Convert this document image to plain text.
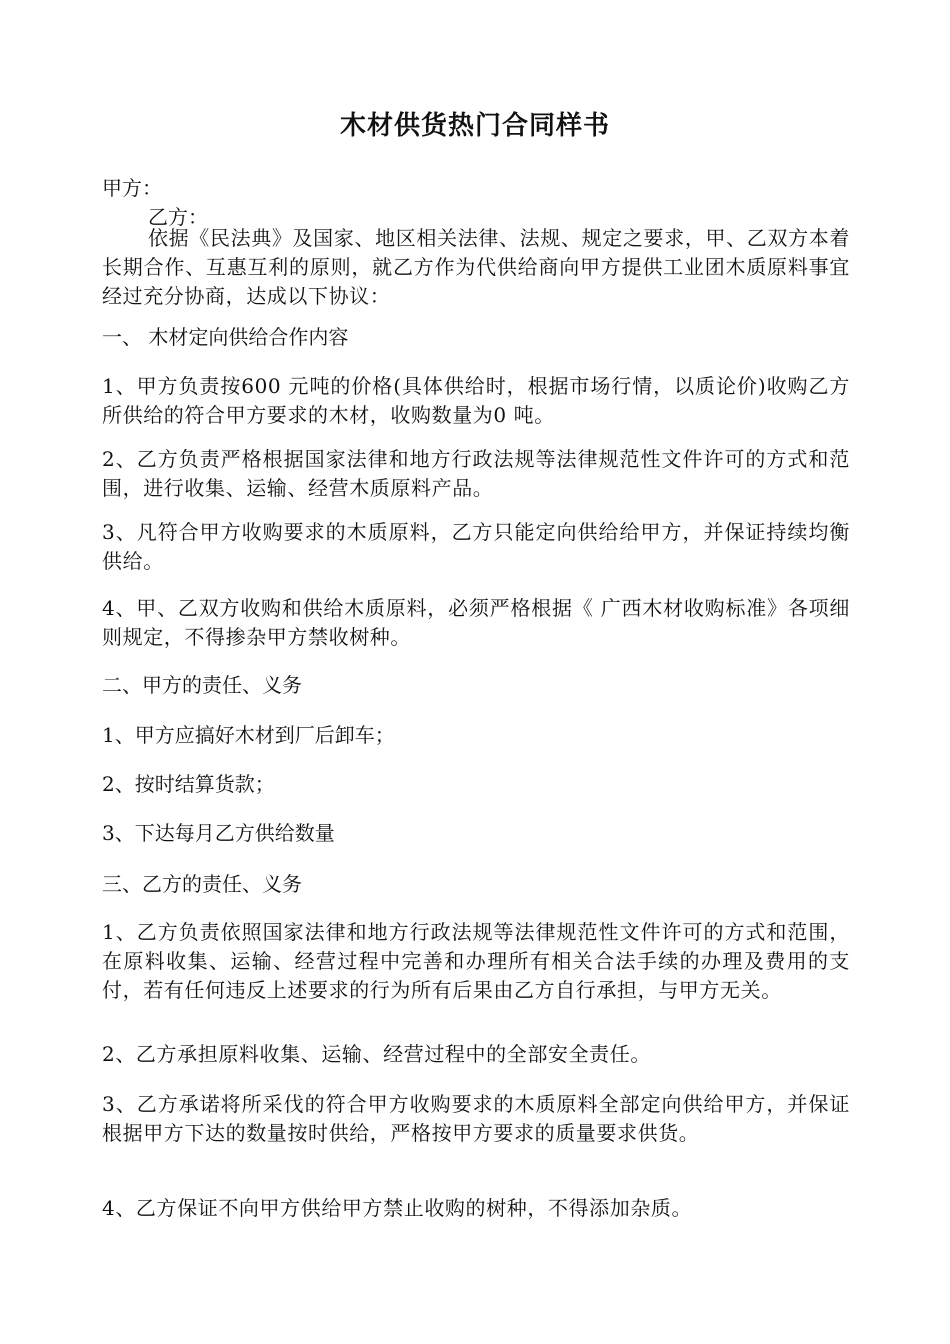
木材供货热门合同样书
甲方：
乙方：
依据《民法典》及国家、地区相关法律、法规、规定之要求，甲、乙双方本着长期合作、互惠互利的原则，就乙方作为代供给商向甲方提供工业团木质原料事宜经过充分协商，达成以下协议：
一、 木材定向供给合作内容
1、甲方负责按600 元吨的价格(具体供给时，根据市场行情，以质论价)收购乙方所供给的符合甲方要求的木材，收购数量为0 吨。
2、乙方负责严格根据国家法律和地方行政法规等法律规范性文件许可的方式和范围，进行收集、运输、经营木质原料产品。
3、凡符合甲方收购要求的木质原料，乙方只能定向供给给甲方，并保证持续均衡供给。
4、甲、乙双方收购和供给木质原料，必须严格根据《 广西木材收购标准》各项细则规定，不得掺杂甲方禁收树种。
二、甲方的责任、义务
1、甲方应搞好木材到厂后卸车；
2、按时结算货款；
3、下达每月乙方供给数量
三、乙方的责任、义务
1、乙方负责依照国家法律和地方行政法规等法律规范性文件许可的方式和范围，在原料收集、运输、经营过程中完善和办理所有相关合法手续的办理及费用的支付，若有任何违反上述要求的行为所有后果由乙方自行承担，与甲方无关。
2、乙方承担原料收集、运输、经营过程中的全部安全责任。
3、乙方承诺将所采伐的符合甲方收购要求的木质原料全部定向供给甲方，并保证根据甲方下达的数量按时供给，严格按甲方要求的质量要求供货。
4、乙方保证不向甲方供给甲方禁止收购的树种，不得添加杂质。
